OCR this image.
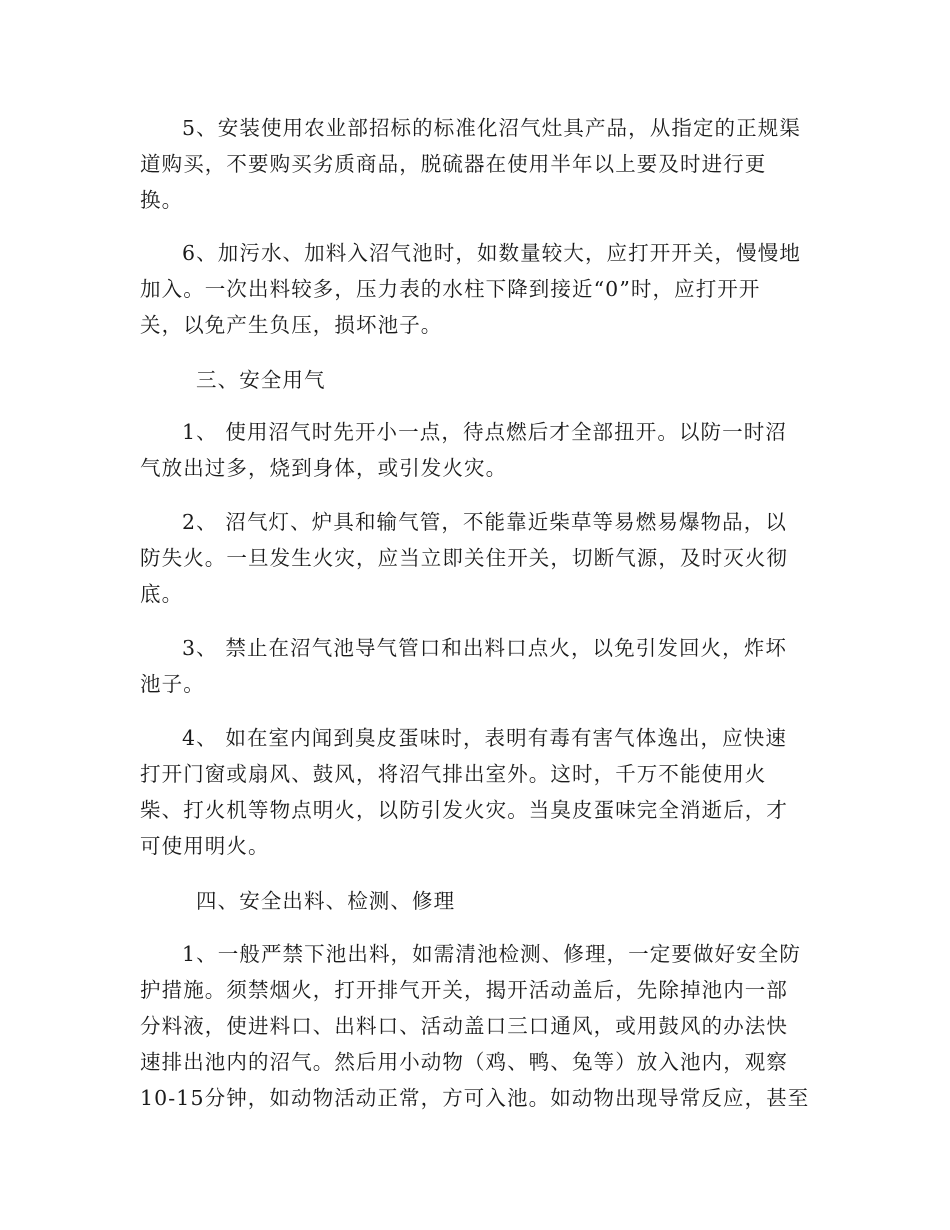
5、安装使用农业部招标的标准化沼气灶具产品，从指定的正规渠
道购买，不要购买劣质商品，脱硫器在使用半年以上要及时进行更
换。
6、加污水、加料入沼气池时，如数量较大，应打开开关，慢慢地
加入。一次出料较多，压力表的水柱下降到接近“0”时，应打开开
关，以免产生负压，损坏池子。
三、安全用气
1、 使用沼气时先开小一点，待点燃后才全部扭开。以防一时沼
气放出过多，烧到身体，或引发火灾。
2、 沼气灯、炉具和输气管，不能靠近柴草等易燃易爆物品，以
防失火。一旦发生火灾，应当立即关住开关，切断气源，及时灭火彻
底。
3、 禁止在沼气池导气管口和出料口点火，以免引发回火，炸坏
池子。
4、 如在室内闻到臭皮蛋味时，表明有毒有害气体逸出，应快速
打开门窗或扇风、鼓风，将沼气排出室外。这时，千万不能使用火
柴、打火机等物点明火，以防引发火灾。当臭皮蛋味完全消逝后，才
可使用明火。
四、安全出料、检测、修理
1、一般严禁下池出料，如需清池检测、修理，一定要做好安全防
护措施。须禁烟火，打开排气开关，揭开活动盖后，先除掉池内一部
分料液，使进料口、出料口、活动盖口三口通风，或用鼓风的办法快
速排出池内的沼气。然后用小动物（鸡、鸭、兔等）放入池内，观察
10-15分钟，如动物活动正常，方可入池。如动物出现导常反应，甚至
